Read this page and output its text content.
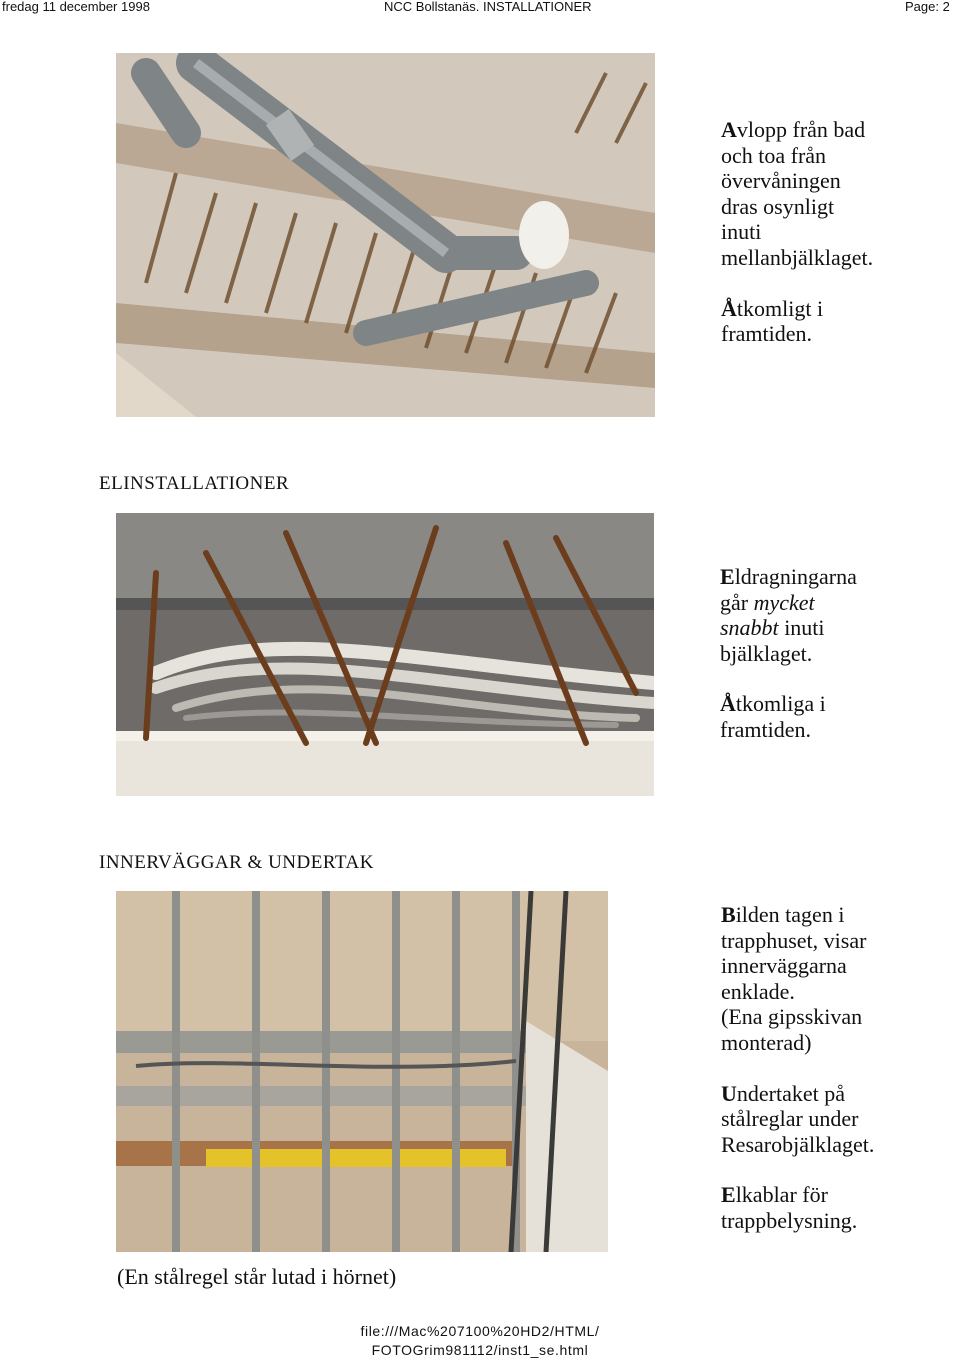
fredag 11 december 1998	NCC Bollstanäs. INSTALLATIONER	Page: 2

Avlopp från bad
och toa från
övervåningen
dras osynligt
inuti
mellanbjälklaget.

Åtkomligt i
framtiden.

ELINSTALLATIONER

Eldragningarna
går mycket
snabbt inuti
bjälklaget.

Åtkomliga i
framtiden.

INNERVÄGGAR & UNDERTAK

Bilden tagen i
trapphuset, visar
innerväggarna
enklade.
(Ena gipsskivan
monterad)

Undertaket på
stålreglar under
Resarobjälklaget.

Elkablar för
trappbelysning.

(En stålregel står lutad i hörnet)
file:///Mac%207100%20HD2/HTML/
FOTOGrim981112/inst1_se.html
